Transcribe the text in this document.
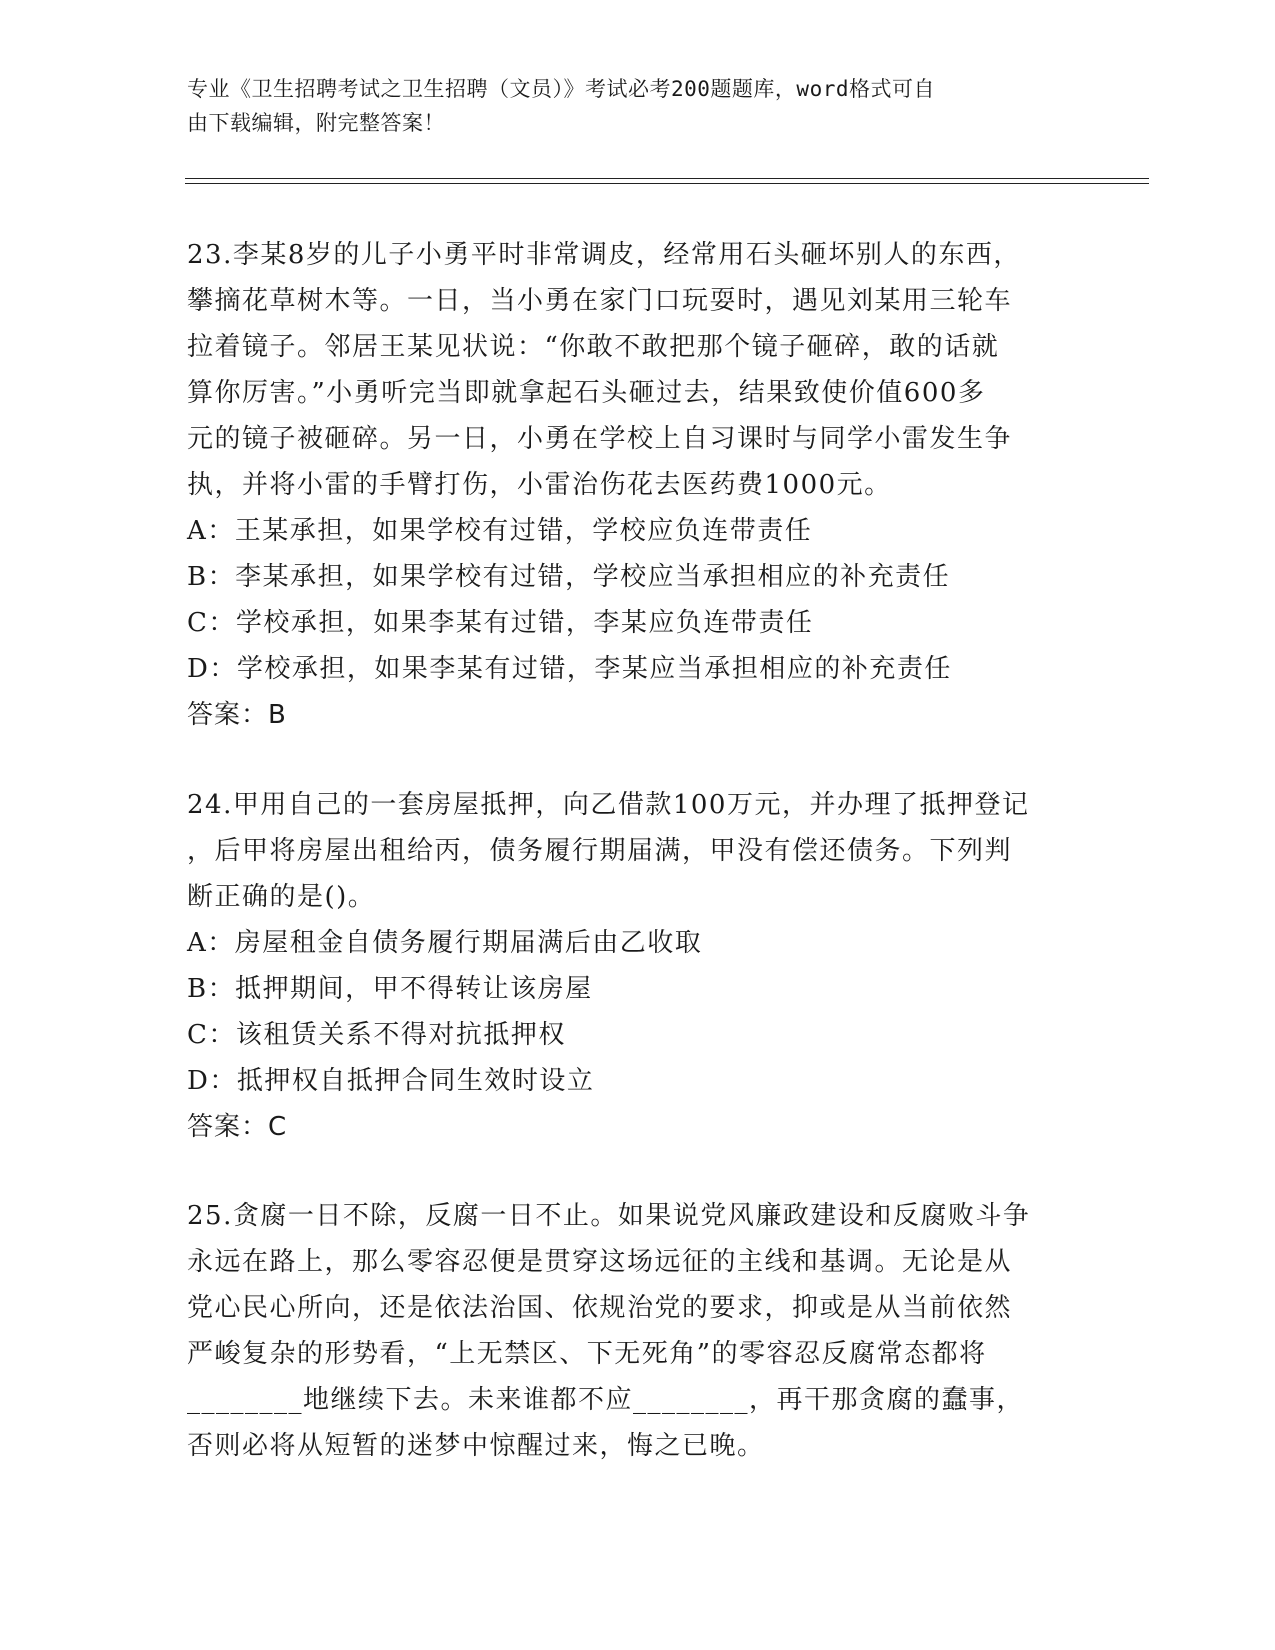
专业《卫生招聘考试之卫生招聘（文员）》考试必考200题题库，word格式可自
由下载编辑，附完整答案！
23.李某8岁的儿子小勇平时非常调皮，经常用石头砸坏别人的东西，
攀摘花草树木等。一日，当小勇在家门口玩耍时，遇见刘某用三轮车
拉着镜子。邻居王某见状说：“你敢不敢把那个镜子砸碎，敢的话就
算你厉害。”小勇听完当即就拿起石头砸过去，结果致使价值600多
元的镜子被砸碎。另一日，小勇在学校上自习课时与同学小雷发生争
执，并将小雷的手臂打伤，小雷治伤花去医药费1000元。
A：王某承担，如果学校有过错，学校应负连带责任
B：李某承担，如果学校有过错，学校应当承担相应的补充责任
C：学校承担，如果李某有过错，李某应负连带责任
D：学校承担，如果李某有过错，李某应当承担相应的补充责任
答案：B
24.甲用自己的一套房屋抵押，向乙借款100万元，并办理了抵押登记
，后甲将房屋出租给丙，债务履行期届满，甲没有偿还债务。下列判
断正确的是()。
A：房屋租金自债务履行期届满后由乙收取
B：抵押期间，甲不得转让该房屋
C：该租赁关系不得对抗抵押权
D：抵押权自抵押合同生效时设立
答案：C
25.贪腐一日不除，反腐一日不止。如果说党风廉政建设和反腐败斗争
永远在路上，那么零容忍便是贯穿这场远征的主线和基调。无论是从
党心民心所向，还是依法治国、依规治党的要求，抑或是从当前依然
严峻复杂的形势看，“上无禁区、下无死角”的零容忍反腐常态都将
________地继续下去。未来谁都不应________，再干那贪腐的蠢事，
否则必将从短暂的迷梦中惊醒过来，悔之已晚。
